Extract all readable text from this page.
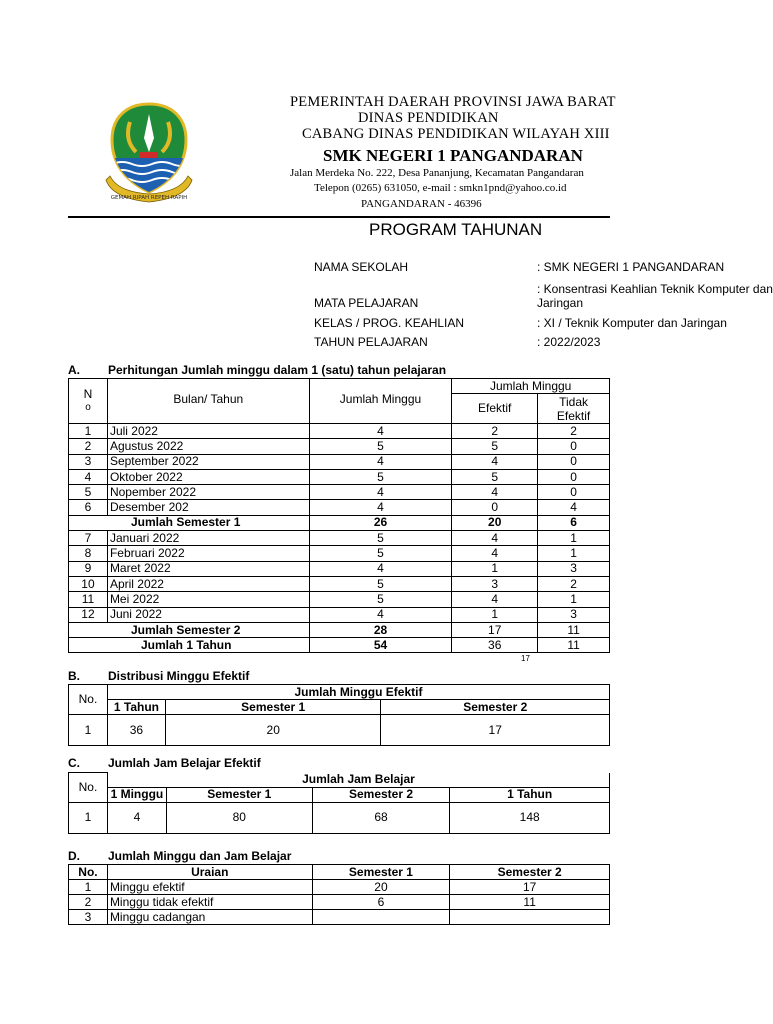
GEMAH RIPAH REPEH RAPIH
PEMERINTAH DAERAH PROVINSI JAWA BARAT
DINAS PENDIDIKAN
CABANG DINAS PENDIDIKAN WILAYAH XIII
SMK NEGERI 1 PANGANDARAN
Jalan Merdeka No. 222, Desa Pananjung, Kecamatan Pangandaran
Telepon (0265) 631050, e-mail : smkn1pnd@yahoo.co.id
PANGANDARAN - 46396
PROGRAM TAHUNAN
NAMA SEKOLAH	: SMK NEGERI 1 PANGANDARAN
: Konsentrasi Keahlian Teknik Komputer dan
MATA PELAJARAN	Jaringan
KELAS / PROG. KEAHLIAN	: XI / Teknik Komputer dan Jaringan
TAHUN PELAJARAN	: 2022/2023
A. Perhitungan Jumlah minggu dalam 1 (satu) tahun pelajaran
N
o	Bulan/ Tahun	Jumlah Minggu	Jumlah Minggu	
			Efektif	Tidak
Efektif

1	Juli 2022	4	2	2
2	Agustus 2022	5	5	0
3	September 2022	4	4	0
4	Oktober 2022	5	5	0
5	Nopember 2022	4	4	0
6	Desember 202	4	0	4
Jumlah Semester 1		26	20	6
7	Januari 2022	5	4	1
8	Februari 2022	5	4	1
9	Maret 2022	4	1	3
10	April 2022	5	3	2
11	Mei 2022	5	4	1
12	Juni 2022	4	1	3
Jumlah Semester 2		28	17	11
Jumlah 1 Tahun		54	36	11
17
B. Distribusi Minggu Efektif
No.	Jumlah Minggu Efektif		
	1 Tahun	Semester 1	Semester 2
1	36	20	17
C. Jumlah Jam Belajar Efektif
No.	Jumlah Jam Belajar			
	1 Minggu	Semester 1	Semester 2	1 Tahun
1	4	80	68	148
D. Jumlah Minggu dan Jam Belajar
No.	Uraian	Semester 1	Semester 2
1	Minggu efektif	20	17
2	Minggu tidak efektif	6	11
3	Minggu cadangan		
